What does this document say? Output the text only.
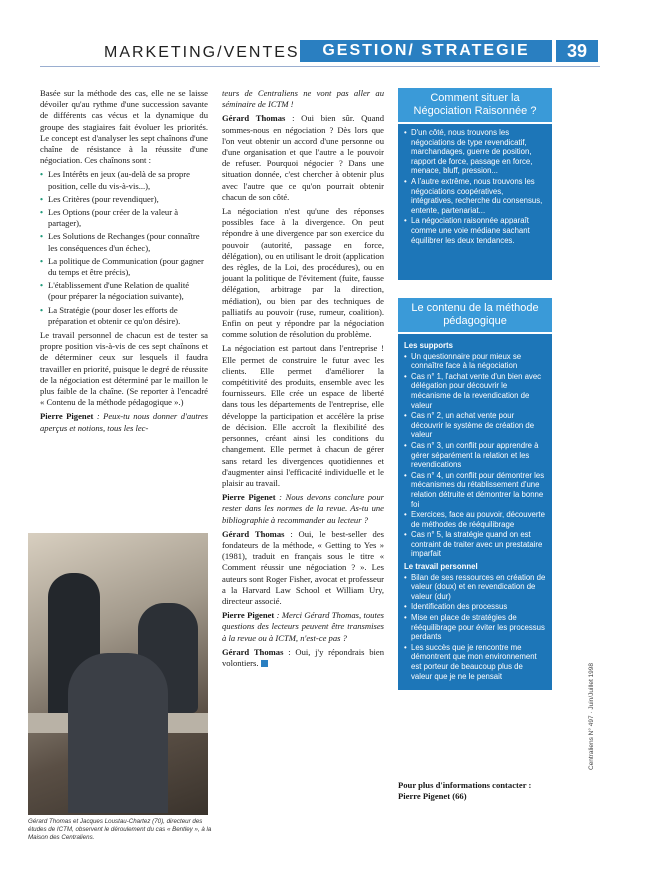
MARKETING/VENTES	GESTION/ STRATEGIE	39

Basée sur la méthode des cas, elle ne se laisse dévoiler qu'au rythme d'une succession savante de différents cas vécus et la dynamique du groupe des stagiaires fait évoluer les priorités. Le concept est d'analyser les sept chaînons d'une chaîne de résistance à la réussite d'une négociation. Ces chaînons sont :

• Les Intérêts en jeux (au-delà de sa propre position, celle du vis-à-vis...),
• Les Critères (pour revendiquer),
• Les Options (pour créer de la valeur à partager),
• Les Solutions de Rechanges (pour connaître les conséquences d'un échec),
• La politique de Communication (pour gagner du temps et être précis),
• L'établissement d'une Relation de qualité (pour préparer la négociation suivante),
• La Stratégie (pour doser les efforts de préparation et obtenir ce qu'on désire).

Le travail personnel de chacun est de tester sa propre position vis-à-vis de ces sept chaînons et de déterminer ceux sur lesquels il faudra travailler en priorité, puisque le degré de réussite de la négociation est déterminé par le maillon le plus faible de la chaîne. (Se reporter à l'encadré « Contenu de la méthode pédagogique ».)

Pierre Pigenet : Peux-tu nous donner d'autres aperçus et notions, tous les lec-

Gérard Thomas et Jacques Loustau-Chartez (70), directeur des études de ICTM, observent le déroulement du cas « Bentley », à la Maison des Centraliens.

teurs de Centraliens ne vont pas aller au séminaire de ICTM !

Gérard Thomas : Oui bien sûr. Quand sommes-nous en négociation ? Dès lors que l'on veut obtenir un accord d'une personne ou d'une organisation et que l'autre a le pouvoir de refuser. Pourquoi négocier ? Dans une situation donnée, c'est chercher à obtenir plus avec l'autre que ce qu'on pourrait obtenir chacun de son côté.

La négociation n'est qu'une des réponses possibles face à la divergence. On peut répondre à une divergence par son exercice du pouvoir (autorité, passage en force, délégation), ou en utilisant le droit (application des règles, de la Loi, des procédures), ou en jouant la politique de l'évitement (fuite, fausse délégation, arbitrage par la direction, médiation), ou bien par des techniques de palliatifs au pouvoir (ruse, rumeur, coalition). Enfin on peut y répondre par la négociation comme solution de résolution du problème.

La négociation est partout dans l'entreprise ! Elle permet de construire le futur avec les clients. Elle permet d'améliorer la compétitivité des produits, ensemble avec les fournisseurs. Elle crée un espace de liberté dans tous les départements de l'entreprise, elle développe la participation et accélère la prise de décision. Elle accroît la flexibilité des personnes, créant ainsi les conditions du changement. Elle permet à chacun de gérer sans retard les divergences quotidiennes et d'augmenter ainsi l'efficacité individuelle et le plaisir au travail.

Pierre Pigenet : Nous devons conclure pour rester dans les normes de la revue. As-tu une bibliographie à recommander au lecteur ?

Gérard Thomas : Oui, le best-seller des fondateurs de la méthode, « Getting to Yes » (1981), traduit en français sous le titre « Comment réussir une négociation ? ». Les auteurs sont Roger Fisher, avocat et professeur a la Harvard Law School et William Ury, directeur associé.

Pierre Pigenet : Merci Gérard Thomas, toutes questions des lecteurs peuvent être transmises à la revue ou à ICTM, n'est-ce pas ?

Gérard Thomas : Oui, j'y répondrais bien volontiers.

Comment situer la Négociation Raisonnée ?
• D'un côté, nous trouvons les négociations de type revendicatif, marchandages, guerre de position, rapport de force, passage en force, menace, bluff, pression...
• A l'autre extrême, nous trouvons les négociations coopératives, intégratives, recherche du consensus, entente, partenariat...
• La négociation raisonnée apparaît comme une voie médiane sachant équilibrer les deux tendances.
Le contenu de la méthode pédagogique
Les supports
• Un questionnaire pour mieux se connaître face à la négociation
• Cas n° 1, l'achat vente d'un bien avec délégation pour découvrir le mécanisme de la revendication de valeur
• Cas n° 2, un achat vente pour découvrir le système de création de valeur
• Cas n° 3, un conflit pour apprendre à gérer séparément la relation et les revendications
• Cas n° 4, un conflit pour démontrer les mécanismes du rétablissement d'une relation détruite et démontrer la bonne foi
• Exercices, face au pouvoir, découverte de méthodes de rééquilibrage
• Cas n° 5, la stratégie quand on est contraint de traiter avec un prestataire imparfait
Le travail personnel
• Bilan de ses ressources en création de valeur (doux) et en revendication de valeur (dur)
• Identification des processus
• Mise en place de stratégies de rééquilibrage pour éviter les processus perdants
• Les succès que je rencontre me démontrent que mon environnement est porteur de beaucoup plus de valeur que je ne le pensait
Pour plus d'informations contacter :
Pierre Pigenet (66)
Centraliens N° 497 · Juin/Juillet 1998
